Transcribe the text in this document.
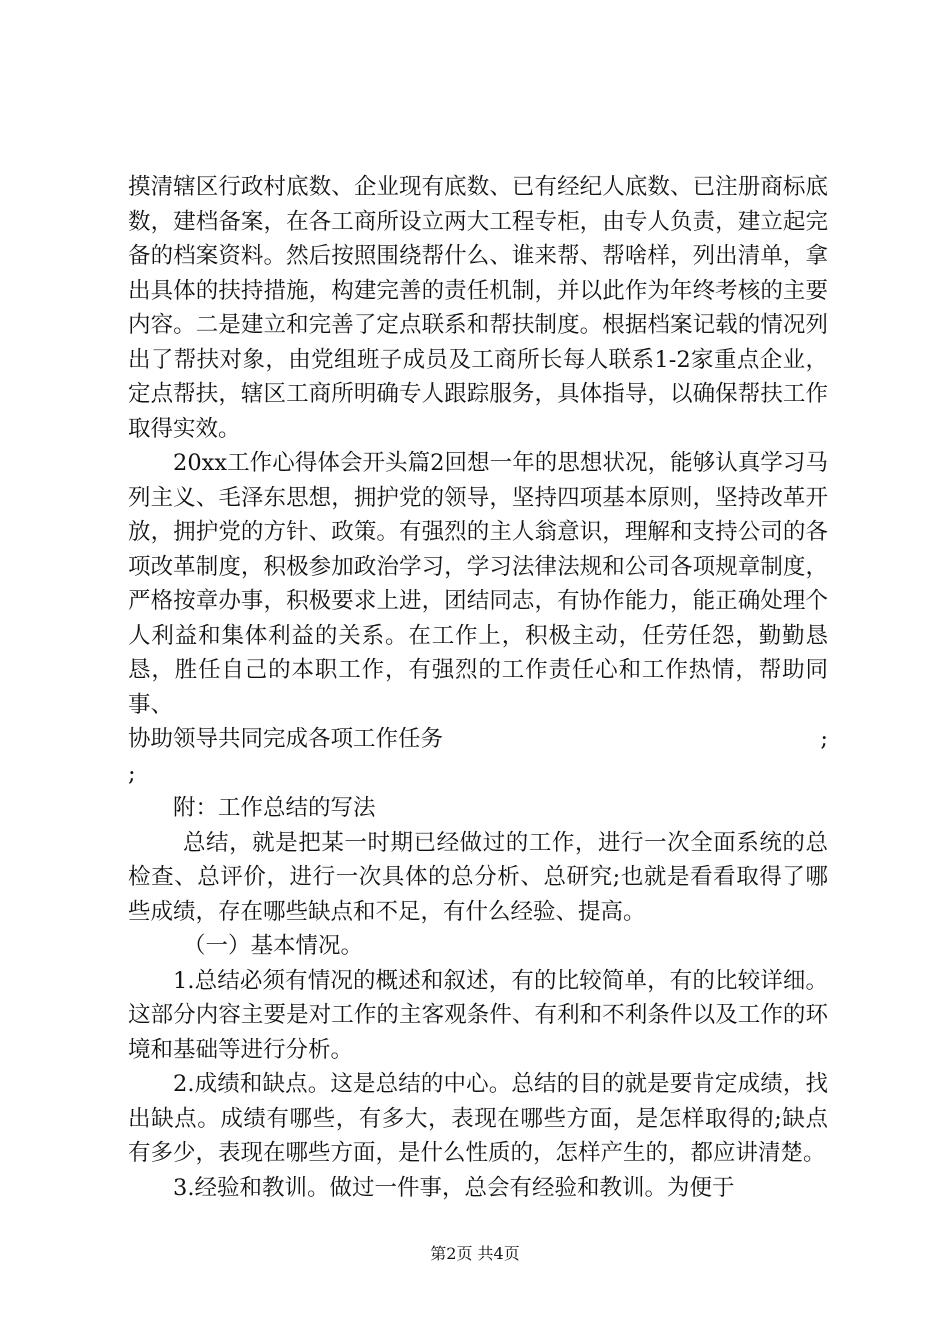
摸清辖区行政村底数、企业现有底数、已有经纪人底数、已注册商标底数，建档备案，在各工商所设立两大工程专柜，由专人负责，建立起完备的档案资料。然后按照围绕帮什么、谁来帮、帮啥样，列出清单，拿出具体的扶持措施，构建完善的责任机制，并以此作为年终考核的主要内容。二是建立和完善了定点联系和帮扶制度。根据档案记载的情况列出了帮扶对象，由党组班子成员及工商所长每人联系1-2家重点企业，定点帮扶，辖区工商所明确专人跟踪服务，具体指导，以确保帮扶工作取得实效。

20xx工作心得体会开头篇2回想一年的思想状况，能够认真学习马列主义、毛泽东思想，拥护党的领导，坚持四项基本原则，坚持改革开放，拥护党的方针、政策。有强烈的主人翁意识，理解和支持公司的各项改革制度，积极参加政治学习，学习法律法规和公司各项规章制度，严格按章办事，积极要求上进，团结同志，有协作能力，能正确处理个人利益和集体利益的关系。在工作上，积极主动，任劳任怨，勤勤恳恳，胜任自己的本职工作，有强烈的工作责任心和工作热情，帮助同事、

协助领导共同完成各项工作任务	;

;

附：工作总结的写法

总结，就是把某一时期已经做过的工作，进行一次全面系统的总检查、总评价，进行一次具体的总分析、总研究;也就是看看取得了哪些成绩，存在哪些缺点和不足，有什么经验、提高。

（一）基本情况。

1.总结必须有情况的概述和叙述，有的比较简单，有的比较详细。这部分内容主要是对工作的主客观条件、有利和不利条件以及工作的环境和基础等进行分析。

2.成绩和缺点。这是总结的中心。总结的目的就是要肯定成绩，找出缺点。成绩有哪些，有多大，表现在哪些方面，是怎样取得的;缺点有多少，表现在哪些方面，是什么性质的，怎样产生的，都应讲清楚。

3.经验和教训。做过一件事，总会有经验和教训。为便于

第2页 共4页
